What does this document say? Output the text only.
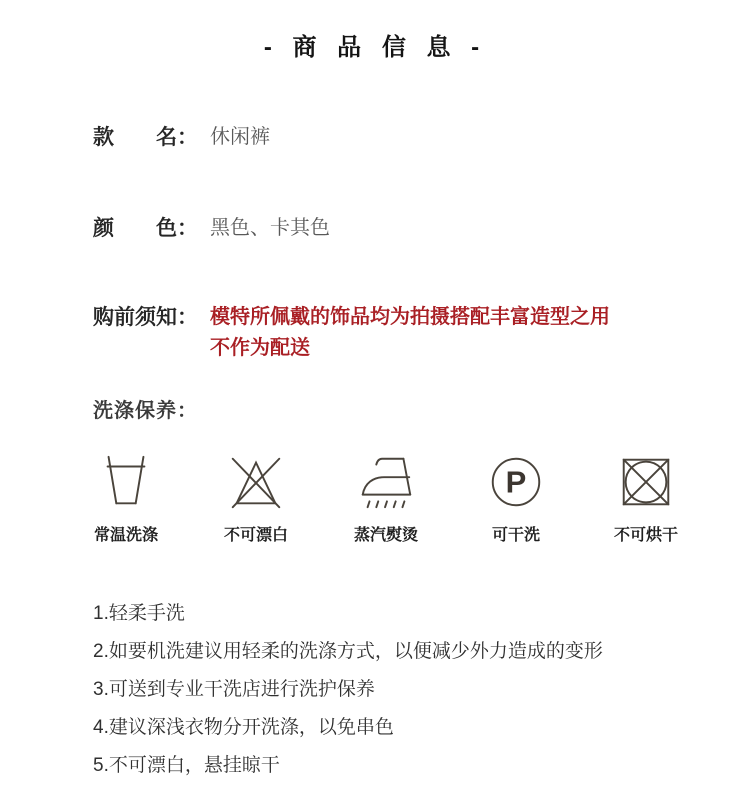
- 商 品 信 息 -
款　　名： 休闲裤
颜　　色： 黑色、卡其色
购前须知： 模特所佩戴的饰品均为拍摄搭配丰富造型之用
不作为配送
洗涤保养：
常温洗涤	不可漂白	蒸汽熨烫
P
可干洗	不可烘干
1.轻柔手洗
2.如要机洗建议用轻柔的洗涤方式，以便减少外力造成的变形
3.可送到专业干洗店进行洗护保养
4.建议深浅衣物分开洗涤，以免串色
5.不可漂白，悬挂晾干
